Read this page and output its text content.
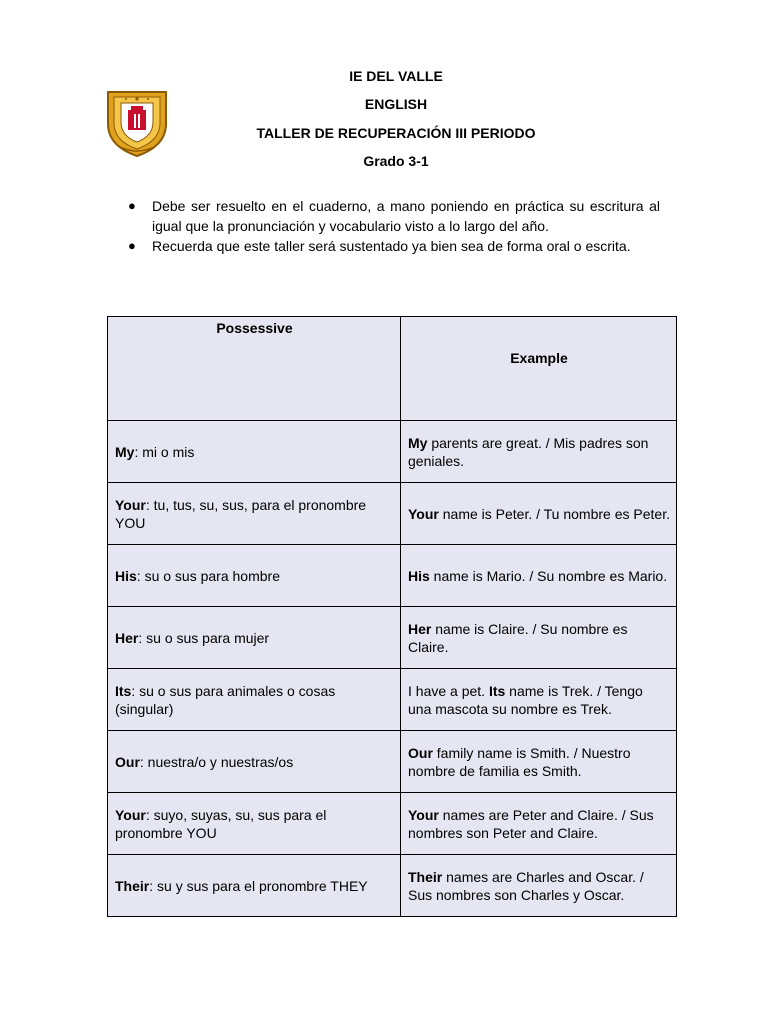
IE DEL VALLE
ENGLISH
TALLER DE RECUPERACIÓN III PERIODO
Grado 3-1
● Debe ser resuelto en el cuaderno, a mano poniendo en práctica su escritura al igual que la pronunciación y vocabulario visto a lo largo del año.
● Recuerda que este taller será sustentado ya bien sea de forma oral o escrita.
Possessive	Example
My: mi o mis	My parents are great. / Mis padres son geniales.
Your: tu, tus, su, sus, para el pronombre YOU	Your name is Peter. / Tu nombre es Peter.
His: su o sus para hombre	His name is Mario. / Su nombre es Mario.
Her: su o sus para mujer	Her name is Claire. / Su nombre es Claire.
Its: su o sus para animales o cosas (singular)	I have a pet. Its name is Trek. / Tengo una mascota su nombre es Trek.
Our: nuestra/o y nuestras/os	Our family name is Smith. / Nuestro nombre de familia es Smith.
Your: suyo, suyas, su, sus para el pronombre YOU	Your names are Peter and Claire. / Sus nombres son Peter and Claire.
Their: su y sus para el pronombre THEY	Their names are Charles and Oscar. / Sus nombres son Charles y Oscar.
